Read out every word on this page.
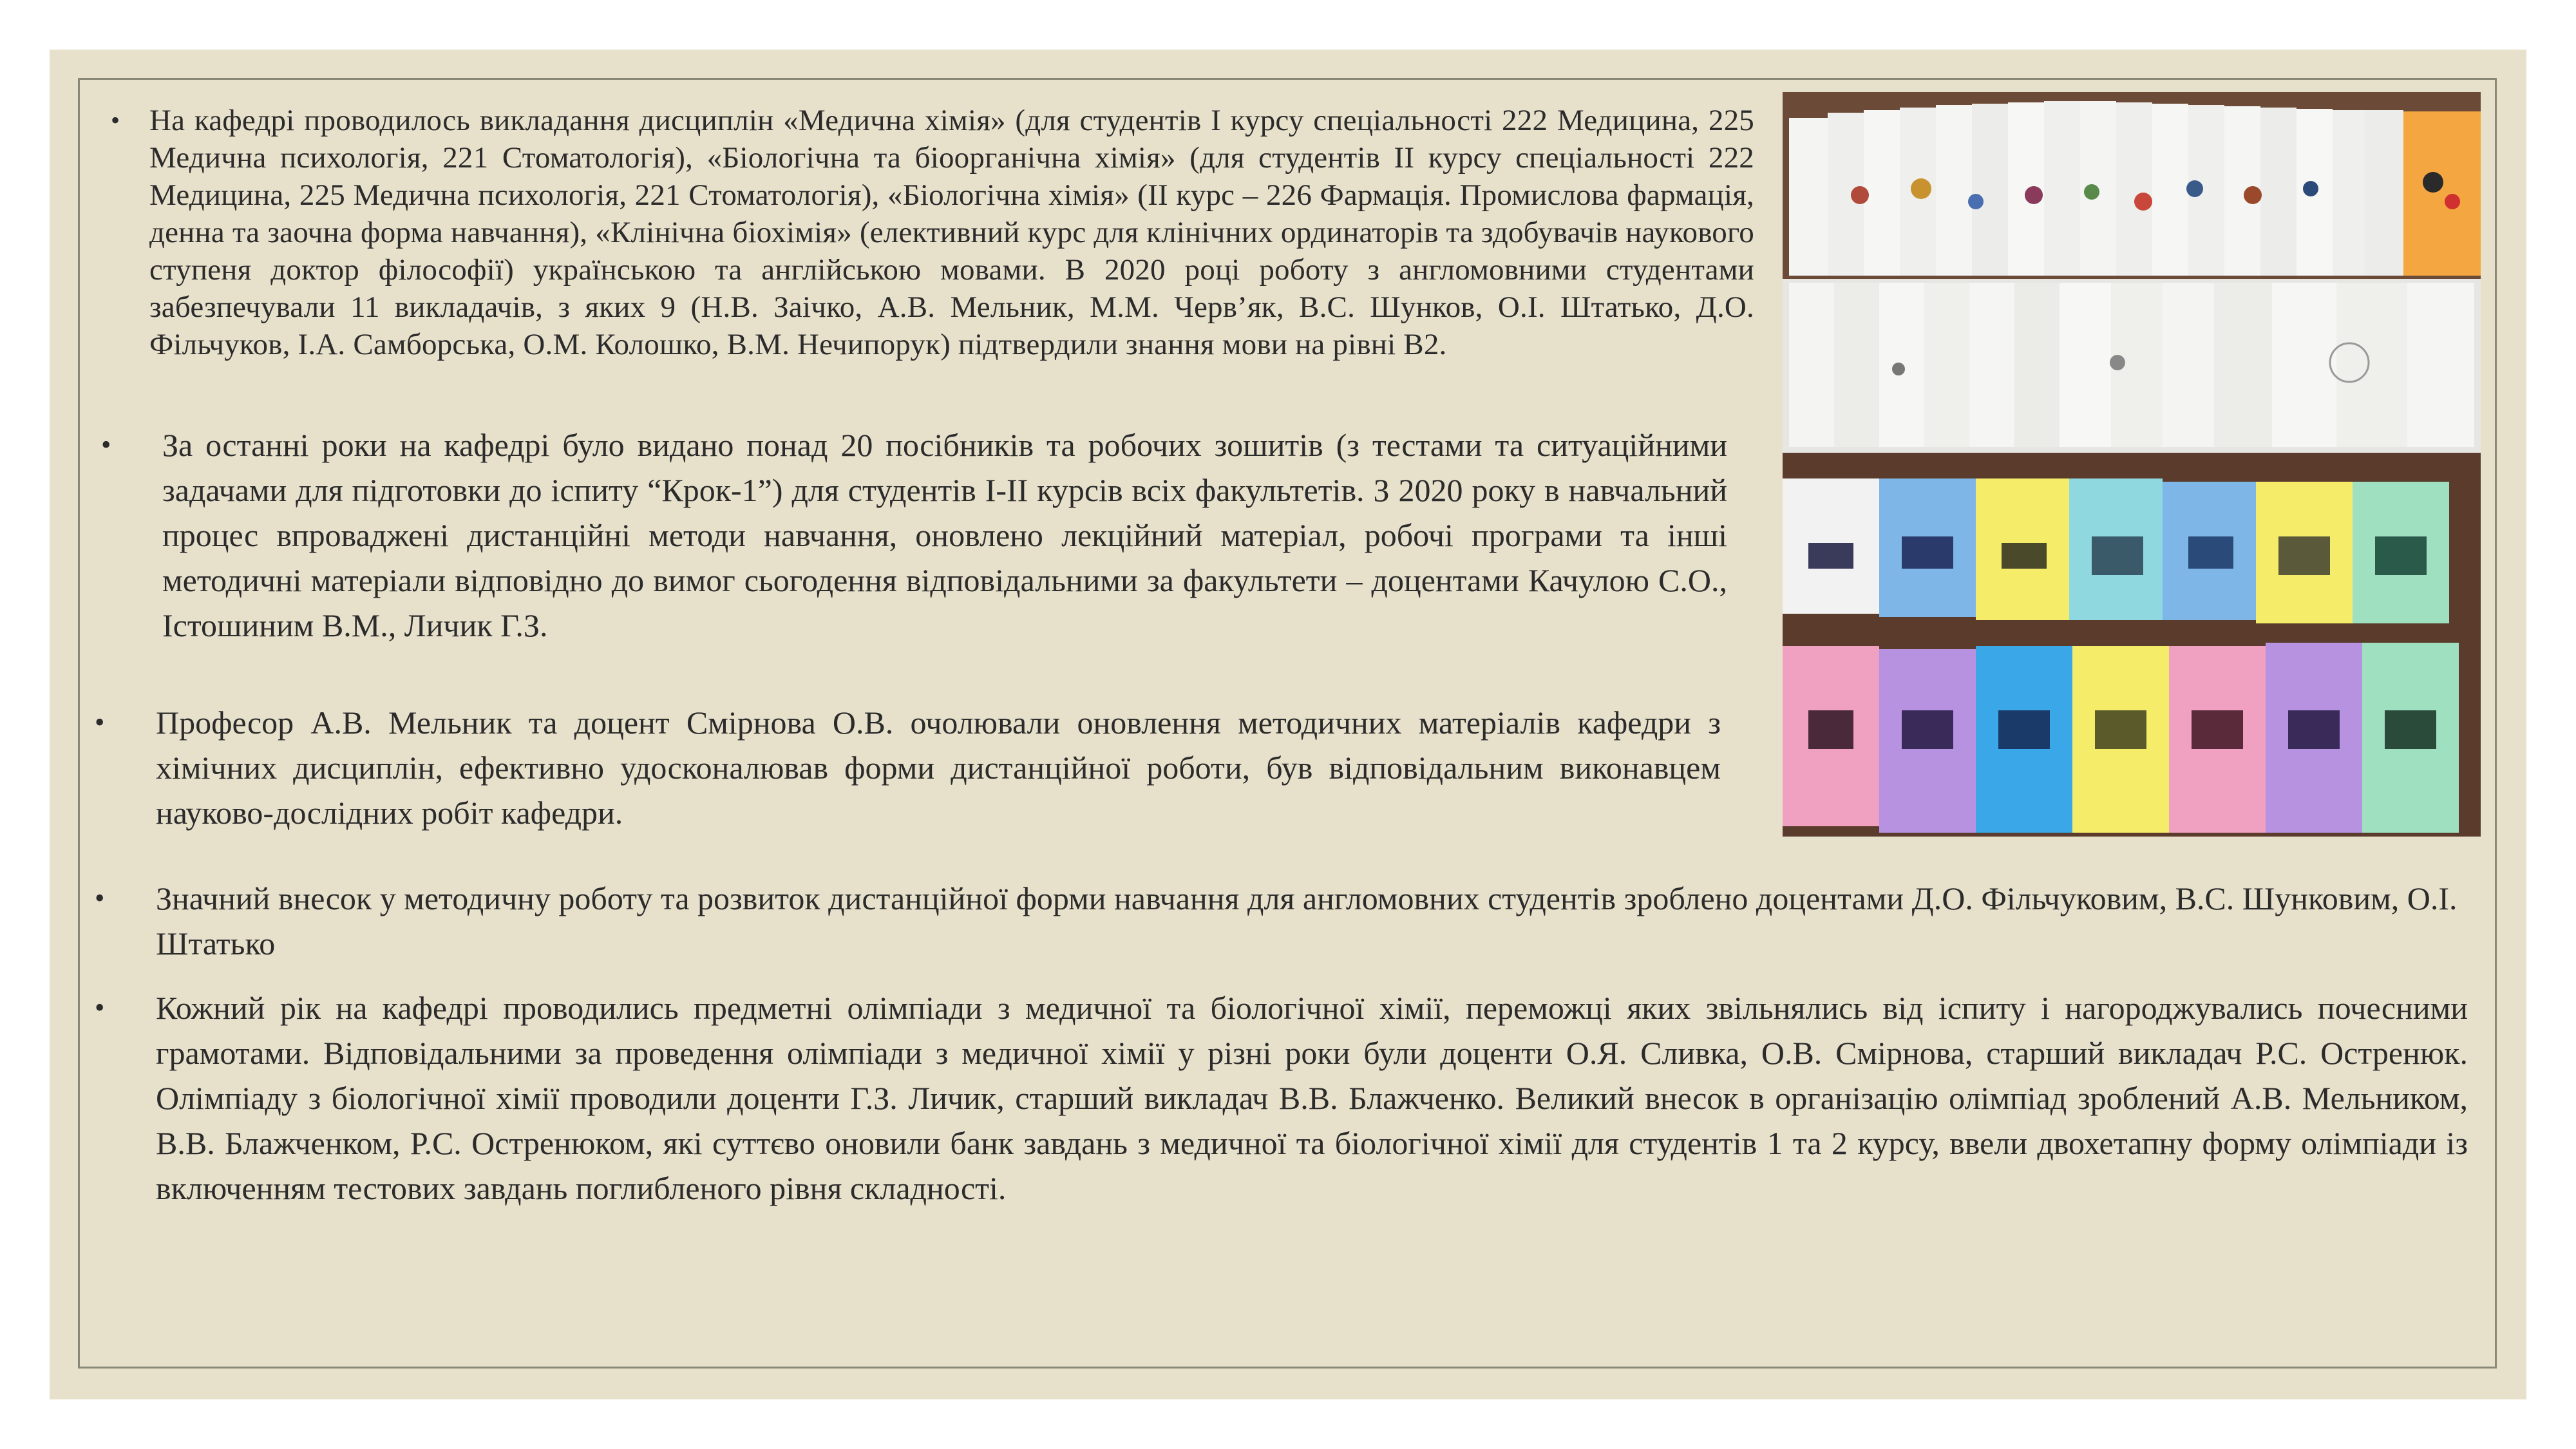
• На кафедрі проводилось викладання дисциплін «Медична хімія» (для студентів І курсу спеціальності 222 Медицина, 225 Медична психологія, 221 Стоматологія), «Біологічна та біоорганічна хімія» (для студентів ІІ курсу спеціальності 222 Медицина, 225 Медична психологія, 221 Стоматологія), «Біологічна хімія» (ІІ курс – 226 Фармація. Промислова фармація, денна та заочна форма навчання), «Клінічна біохімія» (елективний курс для клінічних ординаторів та здобувачів наукового ступеня доктор філософії) українською та англійською мовами. В 2020 році роботу з англомовними студентами забезпечували 11 викладачів, з яких 9 (Н.В. Заічко, А.В. Мельник, М.М. Черв’як, В.С. Шунков, О.І. Штатько, Д.О. Фільчуков, І.А. Самборська, О.М. Колошко, В.М. Нечипорук) підтвердили знання мови на рівні В2.
• За останні роки на кафедрі було видано понад 20 посібників та робочих зошитів (з тестами та ситуаційними задачами для підготовки до іспиту “Крок-1”) для студентів І-ІІ курсів всіх факультетів. З 2020 року в навчальний процес впроваджені дистанційні методи навчання, оновлено лекційний матеріал, робочі програми та інші методичні матеріали відповідно до вимог сьогодення відповідальними за факультети – доцентами Качулою С.О., Істошиним В.М., Личик Г.З.
• Професор А.В. Мельник та доцент Смірнова О.В. очолювали оновлення методичних матеріалів кафедри з хімічних дисциплін, ефективно удосконалював форми дистанційної роботи, був відповідальним виконавцем науково-дослідних робіт кафедри.
• Значний внесок у методичну роботу та розвиток дистанційної форми навчання для англомовних студентів зроблено доцентами Д.О. Фільчуковим, В.С. Шунковим, О.І. Штатько
• Кожний рік на кафедрі проводились предметні олімпіади з медичної та біологічної хімії, переможці яких звільнялись від іспиту і нагороджувались почесними грамотами. Відповідальними за проведення олімпіади з медичної хімії у різні роки були доценти О.Я. Сливка, О.В. Смірнова, старший викладач Р.С. Остренюк. Олімпіаду з біологічної хімії проводили доценти Г.З. Личик, старший викладач В.В. Блажченко. Великий внесок в організацію олімпіад зроблений А.В. Мельником, В.В. Блажченком, Р.С. Остренюком, які суттєво оновили банк завдань з медичної та біологічної хімії для студентів 1 та 2 курсу, ввели двохетапну форму олімпіади із включенням тестових завдань поглибленого рівня складності.
